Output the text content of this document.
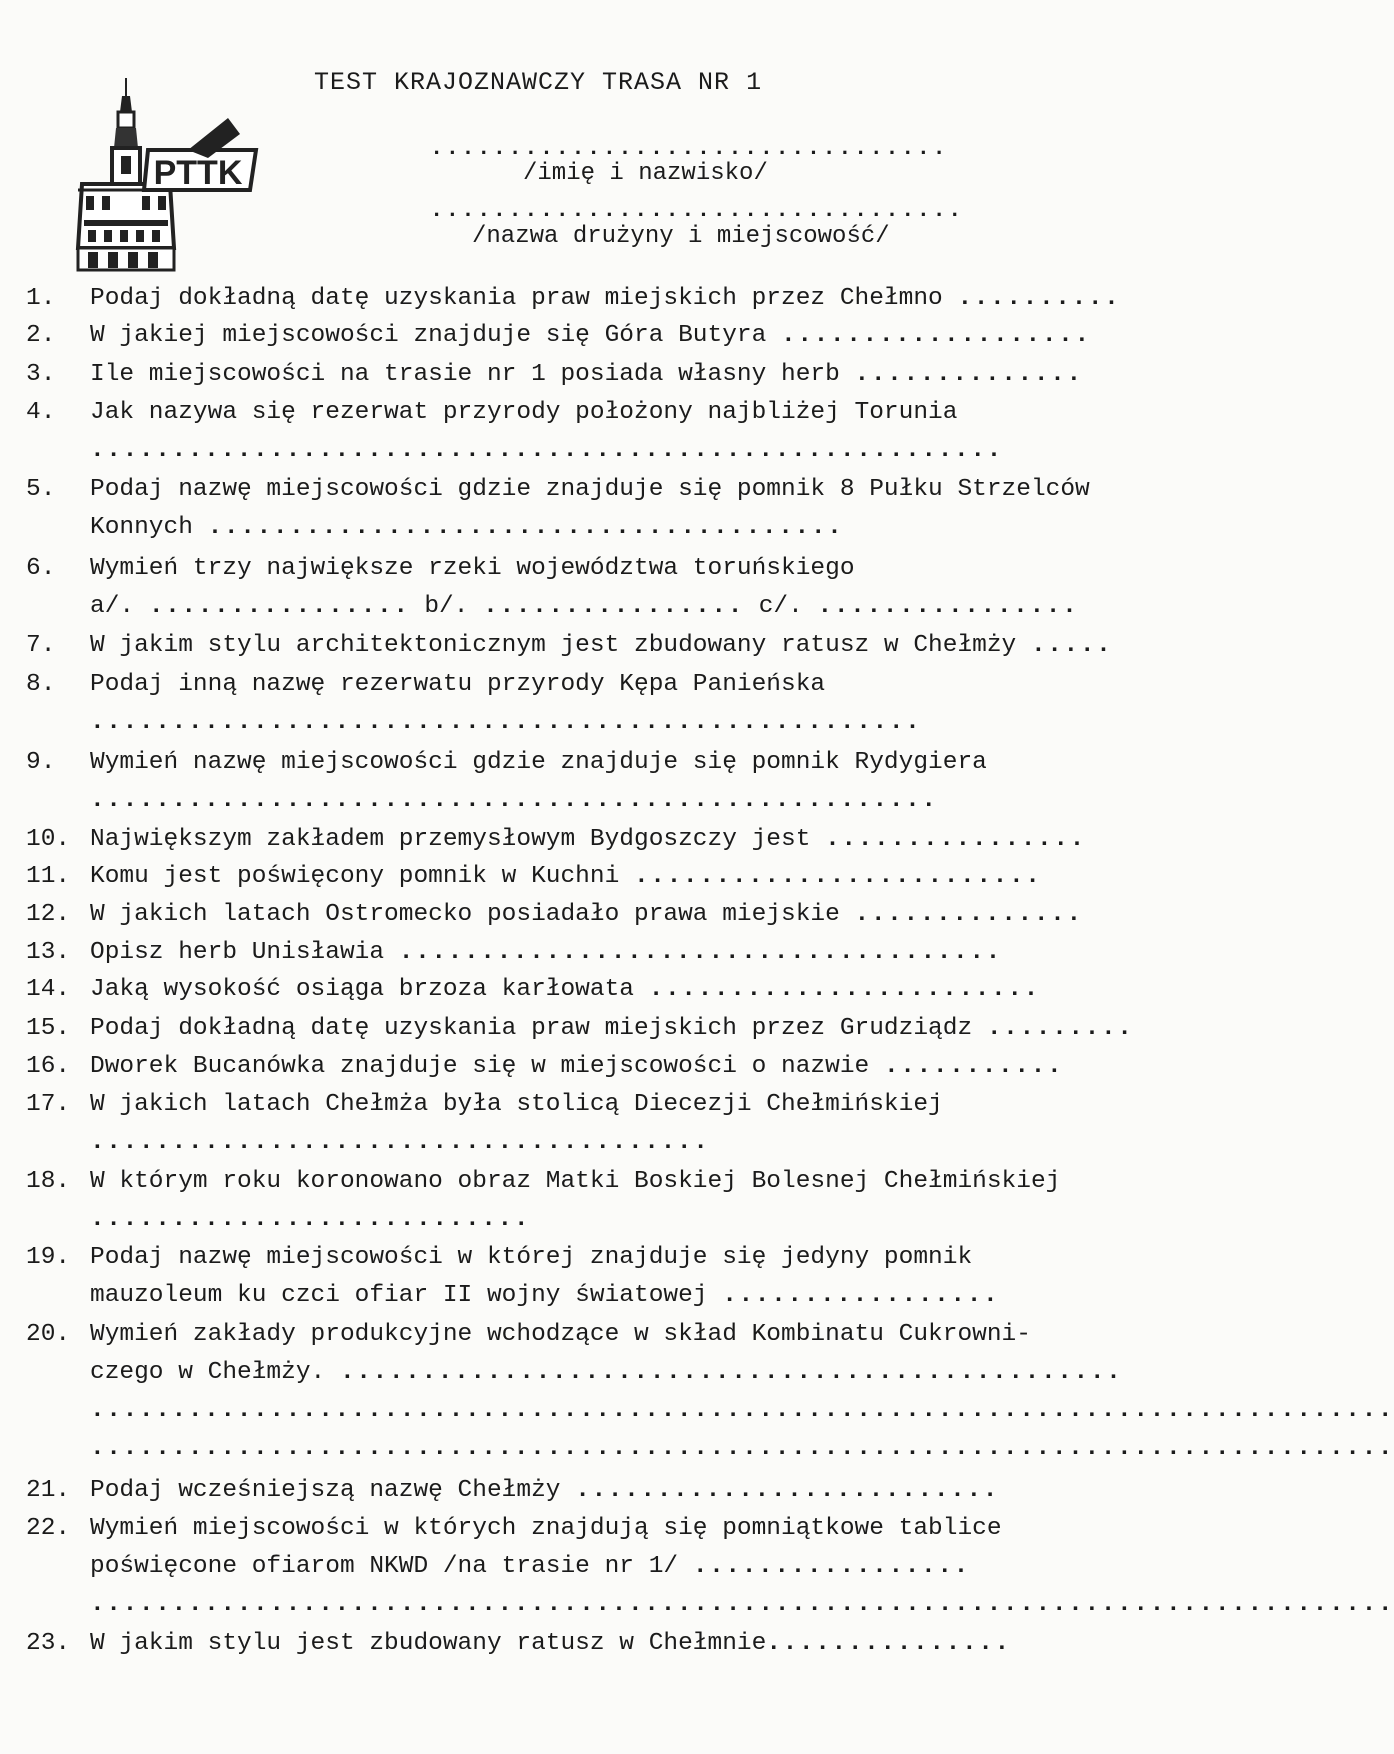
TEST KRAJOZNAWCZY TRASA NR 1
PTTK
.................................
/imię i nazwisko/
..................................
/nazwa drużyny i miejscowość/
1. Podaj dokładną datę uzyskania praw miejskich przez Chełmno ..........
2. W jakiej miejscowości znajduje się Góra Butyra ...................
3. Ile miejscowości na trasie nr 1 posiada własny herb ..............
4. Jak nazywa się rezerwat przyrody położony najbliżej Torunia
........................................................
5. Podaj nazwę miejscowości gdzie znajduje się pomnik 8 Pułku Strzelców
Konnych .......................................
6. Wymień trzy największe rzeki województwa toruńskiego
a/. ................ b/. ................ c/. ................
7. W jakim stylu architektonicznym jest zbudowany ratusz w Chełmży .....
8. Podaj inną nazwę rezerwatu przyrody Kępa Panieńska
...................................................
9. Wymień nazwę miejscowości gdzie znajduje się pomnik Rydygiera
....................................................
10. Największym zakładem przemysłowym Bydgoszczy jest ................
11. Komu jest poświęcony pomnik w Kuchni .........................
12. W jakich latach Ostromecko posiadało prawa miejskie ..............
13. Opisz herb Unisławia .....................................
14. Jaką wysokość osiąga brzoza karłowata ........................
15. Podaj dokładną datę uzyskania praw miejskich przez Grudziądz .........
16. Dworek Bucanówka znajduje się w miejscowości o nazwie ...........
17. W jakich latach Chełmża była stolicą Diecezji Chełmińskiej
......................................
18. W którym roku koronowano obraz Matki Boskiej Bolesnej Chełmińskiej
...........................
19. Podaj nazwę miejscowości w której znajduje się jedyny pomnik
mauzoleum ku czci ofiar II wojny światowej .................
20. Wymień zakłady produkcyjne wchodzące w skład Kombinatu Cukrowni-
czego w Chełmży. ................................................
................................................................................
................................................................................
21. Podaj wcześniejszą nazwę Chełmży ..........................
22. Wymień miejscowości w których znajdują się pomniątkowe tablice
poświęcone ofiarom NKWD /na trasie nr 1/ .................
................................................................................
23. W jakim stylu jest zbudowany ratusz w Chełmnie...............
